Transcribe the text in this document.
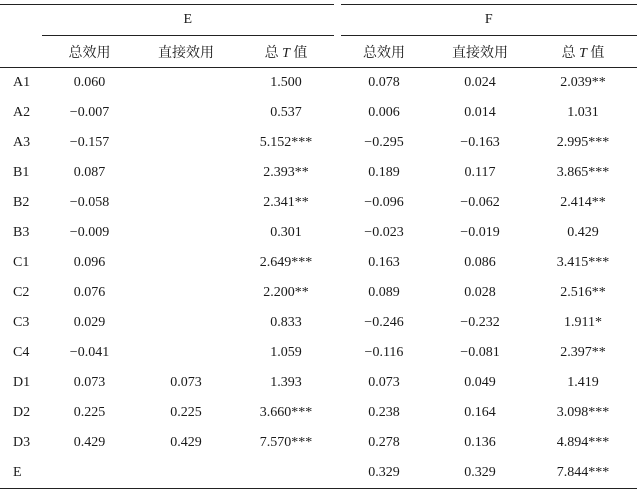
	E			F		
	总效用	直接效用	总 T 值	总效用	直接效用	总 T 值
A1	0.060		1.500	0.078	0.024	2.039**
A2	−0.007		0.537	0.006	0.014	1.031
A3	−0.157		5.152***	−0.295	−0.163	2.995***
B1	0.087		2.393**	0.189	0.117	3.865***
B2	−0.058		2.341**	−0.096	−0.062	2.414**
B3	−0.009		0.301	−0.023	−0.019	0.429
C1	0.096		2.649***	0.163	0.086	3.415***
C2	0.076		2.200**	0.089	0.028	2.516**
C3	0.029		0.833	−0.246	−0.232	1.911*
C4	−0.041		1.059	−0.116	−0.081	2.397**
D1	0.073	0.073	1.393	0.073	0.049	1.419
D2	0.225	0.225	3.660***	0.238	0.164	3.098***
D3	0.429	0.429	7.570***	0.278	0.136	4.894***
E				0.329	0.329	7.844***
